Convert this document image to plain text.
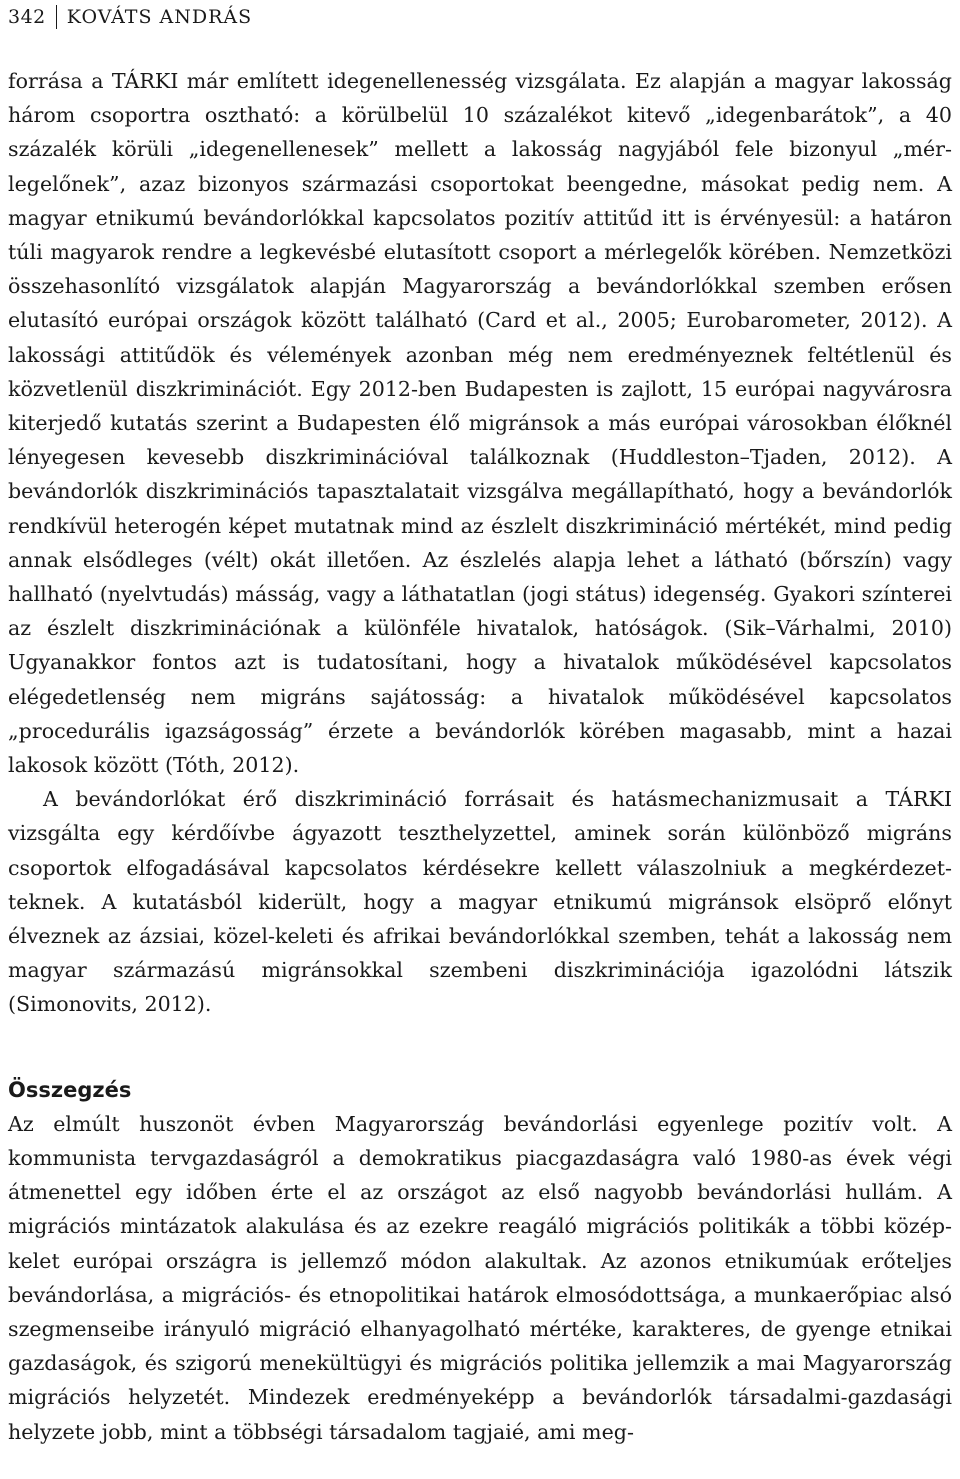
342 KOVÁTS ANDRÁS

forrása a TÁRKI már említett idegenellenesség vizsgálata. Ez alapján a magyar lakosság három csoportra osztható: a körülbelül 10 százalékot kitevő „idegenbarátok”, a 40 százalék körüli „idegenellenesek” mellett a lakosság nagyjából fele bizonyul „mérlegelőnek”, azaz bizonyos származási csoportokat beengedne, másokat pedig nem. A magyar etnikumú bevándorlókkal kapcsolatos pozitív attitűd itt is érvényesül: a határon túli magyarok rendre a legkevésbé elutasított csoport a mérlegelők körében. Nemzetközi összehasonlító vizsgálatok alapján Magyarország a bevándorlókkal szemben erősen elutasító európai országok között található (Card et al., 2005; Eurobarometer, 2012). A lakossági attitűdök és vélemények azonban még nem eredményeznek feltétlenül és közvetlenül diszkriminációt. Egy 2012-ben Budapesten is zajlott, 15 európai nagyvárosra kiterjedő kutatás szerint a Budapesten élő migránsok a más európai városokban élőknél lényegesen kevesebb diszkriminációval találkoznak (Huddleston–Tjaden, 2012). A bevándorlók diszkriminációs tapasztalatait vizsgálva megállapítható, hogy a bevándorlók rendkívül heterogén képet mutatnak mind az észlelt diszkrimináció mértékét, mind pedig annak elsődleges (vélt) okát illetően. Az észlelés alapja lehet a látható (bőrszín) vagy hallható (nyelvtudás) másság, vagy a láthatatlan (jogi státus) idegenség. Gyakori színterei az észlelt diszkriminációnak a különféle hivatalok, hatóságok. (Sik–Várhalmi, 2010) Ugyanakkor fontos azt is tudatosítani, hogy a hivatalok működésével kapcsolatos elégedetlenség nem migráns sajátosság: a hivatalok működésével kapcsolatos „procedurális igazságosság” érzete a bevándorlók körében magasabb, mint a hazai lakosok között (Tóth, 2012).

A bevándorlókat érő diszkrimináció forrásait és hatásmechanizmusait a TÁRKI vizsgálta egy kérdőívbe ágyazott teszthelyzettel, aminek során különböző migráns csoportok elfogadásával kapcsolatos kérdésekre kellett válaszolniuk a megkérdezetteknek. A kutatásból kiderült, hogy a magyar etnikumú migránsok elsöprő előnyt élveznek az ázsiai, közel-keleti és afrikai bevándorlókkal szemben, tehát a lakosság nem magyar származású migránsokkal szembeni diszkriminációja igazolódni látszik (Simonovits, 2012).

Összegzés

Az elmúlt huszonöt évben Magyarország bevándorlási egyenlege pozitív volt. A kommunista tervgazdaságról a demokratikus piacgazdaságra való 1980-as évek végi átmenettel egy időben érte el az országot az első nagyobb bevándorlási hullám. A migrációs mintázatok alakulása és az ezekre reagáló migrációs politikák a többi közép-kelet európai országra is jellemző módon alakultak. Az azonos etnikumúak erőteljes bevándorlása, a migrációs- és etnopolitikai határok elmosódottsága, a munkaerőpiac alsó szegmenseibe irányuló migráció elhanyagolható mértéke, karakteres, de gyenge etnikai gazdaságok, és szigorú menekültügyi és migrációs politika jellemzik a mai Magyarország migrációs helyzetét. Mindezek eredményeképp a bevándorlók társadalmi-gazdasági helyzete jobb, mint a többségi társadalom tagjaié, ami meg-
